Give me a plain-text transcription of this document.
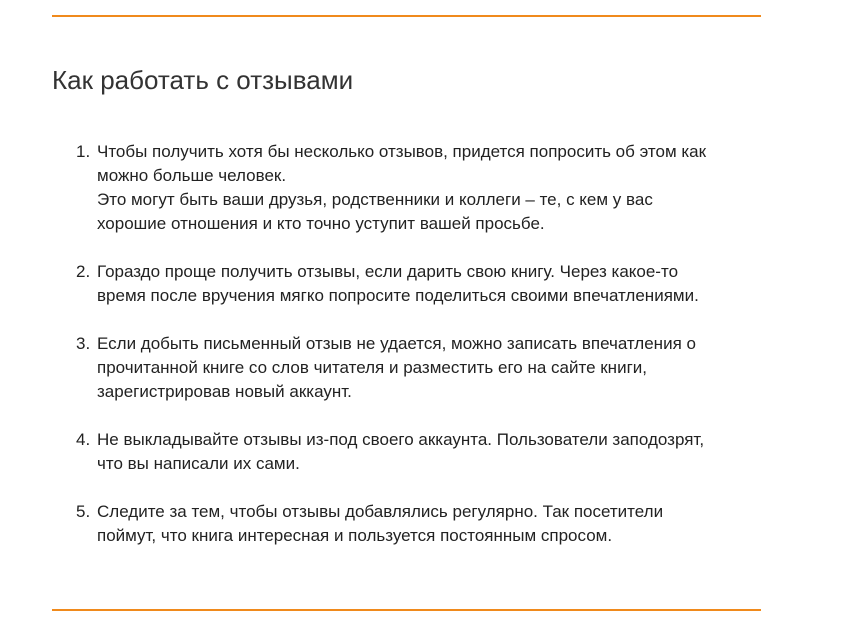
Как работать с отзывами
1. Чтобы получить хотя бы несколько отзывов, придется попросить об этом как
можно больше человек.
Это могут быть ваши друзья, родственники и коллеги – те, с кем у вас
хорошие отношения и кто точно уступит вашей просьбе.
2. Гораздо проще получить отзывы, если дарить свою книгу. Через какое-то
время после вручения мягко попросите поделиться своими впечатлениями.
3. Если добыть письменный отзыв не удается, можно записать впечатления о
прочитанной книге со слов читателя и разместить его на сайте книги,
зарегистрировав новый аккаунт.
4. Не выкладывайте отзывы из-под своего аккаунта. Пользователи заподозрят,
что вы написали их сами.
5. Следите за тем, чтобы отзывы добавлялись регулярно. Так посетители
поймут, что книга интересная и пользуется постоянным спросом.
